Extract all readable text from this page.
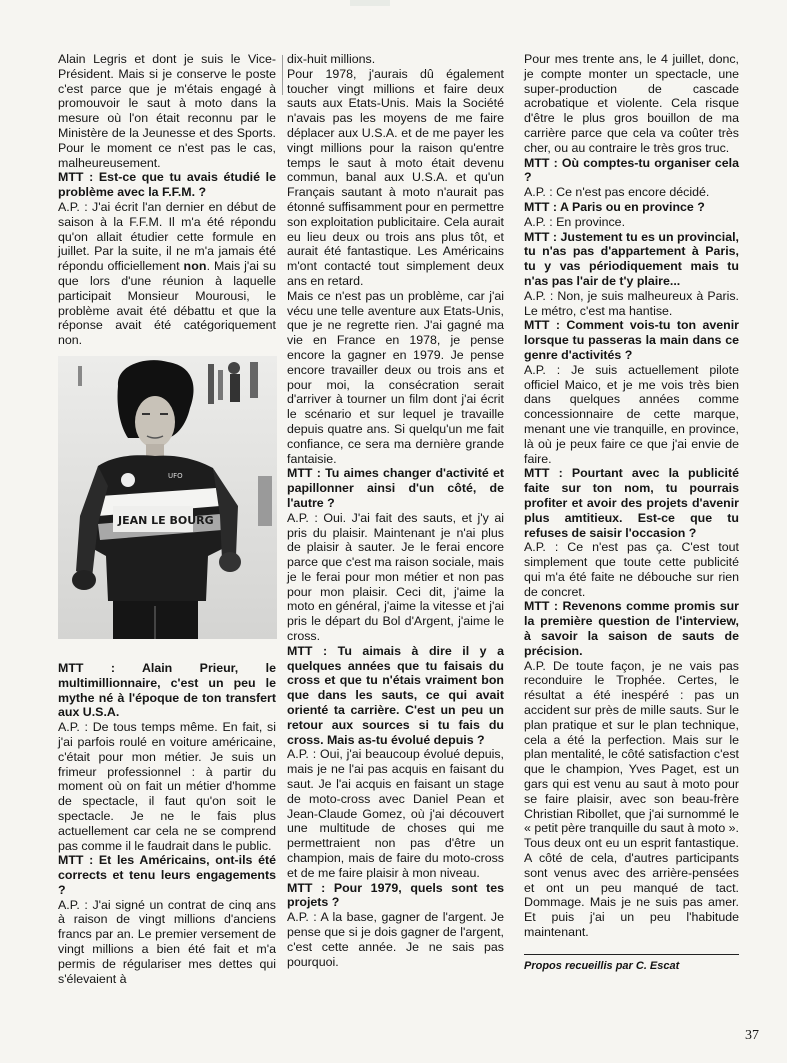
Alain Legris et dont je suis le Vice-Président. Mais si je conserve le poste c'est parce que je m'étais engagé à promouvoir le saut à moto dans la mesure où l'on était reconnu par le Ministère de la Jeunesse et des Sports. Pour le moment ce n'est pas le cas, malheureusement.

MTT : Est-ce que tu avais étudié le problème avec la F.F.M. ?

A.P. : J'ai écrit l'an dernier en début de saison à la F.F.M. Il m'a été répondu qu'on allait étudier cette formule en juillet. Par la suite, il ne m'a jamais été répondu officiellement non. Mais j'ai su que lors d'une réunion à laquelle participait Monsieur Mourousi, le problème avait été débattu et que la réponse avait été catégoriquement non.

JEAN LE BOURG
UFO

MTT : Alain Prieur, le multimillionnaire, c'est un peu le mythe né à l'époque de ton transfert aux U.S.A.

A.P. : De tous temps même. En fait, si j'ai parfois roulé en voiture américaine, c'était pour mon métier. Je suis un frimeur professionnel : à partir du moment où on fait un métier d'homme de spectacle, il faut qu'on soit le spectacle. Je ne le fais plus actuellement car cela ne se comprend pas comme il le faudrait dans le public.

MTT : Et les Américains, ont-ils été corrects et tenu leurs engagements ?

A.P. : J'ai signé un contrat de cinq ans à raison de vingt millions d'anciens francs par an. Le premier versement de vingt millions a bien été fait et m'a permis de régulariser mes dettes qui s'élevaient à

dix-huit millions.

Pour 1978, j'aurais dû également toucher vingt millions et faire deux sauts aux Etats-Unis. Mais la Société n'avais pas les moyens de me faire déplacer aux U.S.A. et de me payer les vingt millions pour la raison qu'entre temps le saut à moto était devenu commun, banal aux U.S.A. et qu'un Français sautant à moto n'aurait pas étonné suffisamment pour en permettre son exploitation publicitaire. Cela aurait eu lieu deux ou trois ans plus tôt, et aurait été fantastique. Les Américains m'ont contacté tout simplement deux ans en retard.

Mais ce n'est pas un problème, car j'ai vécu une telle aventure aux Etats-Unis, que je ne regrette rien. J'ai gagné ma vie en France en 1978, je pense encore la gagner en 1979. Je pense encore travailler deux ou trois ans et pour moi, la consécration serait d'arriver à tourner un film dont j'ai écrit le scénario et sur lequel je travaille depuis quatre ans. Si quelqu'un me fait confiance, ce sera ma dernière grande fantaisie.

MTT : Tu aimes changer d'activité et papillonner ainsi d'un côté, de l'autre ?

A.P. : Oui. J'ai fait des sauts, et j'y ai pris du plaisir. Maintenant je n'ai plus de plaisir à sauter. Je le ferai encore parce que c'est ma raison sociale, mais je le ferai pour mon métier et non pas pour mon plaisir. Ceci dit, j'aime la moto en général, j'aime la vitesse et j'ai pris le départ du Bol d'Argent, j'aime le cross.

MTT : Tu aimais à dire il y a quelques années que tu faisais du cross et que tu n'étais vraiment bon que dans les sauts, ce qui avait orienté ta carrière. C'est un peu un retour aux sources si tu fais du cross. Mais as-tu évolué depuis ?

A.P. : Oui, j'ai beaucoup évolué depuis, mais je ne l'ai pas acquis en faisant du saut. Je l'ai acquis en faisant un stage de moto-cross avec Daniel Pean et Jean-Claude Gomez, où j'ai découvert une multitude de choses qui me permettraient non pas d'être un champion, mais de faire du moto-cross et de me faire plaisir à mon niveau.

MTT : Pour 1979, quels sont tes projets ?

A.P. : A la base, gagner de l'argent. Je pense que si je dois gagner de l'argent, c'est cette année. Je ne sais pas pourquoi.

Pour mes trente ans, le 4 juillet, donc, je compte monter un spectacle, une super-production de cascade acrobatique et violente. Cela risque d'être le plus gros bouillon de ma carrière parce que cela va coûter très cher, ou au contraire le très gros truc.

MTT : Où comptes-tu organiser cela ?

A.P. : Ce n'est pas encore décidé.

MTT : A Paris ou en province ?

A.P. : En province.

MTT : Justement tu es un provincial, tu n'as pas d'appartement à Paris, tu y vas périodiquement mais tu n'as pas l'air de t'y plaire...

A.P. : Non, je suis malheureux à Paris. Le métro, c'est ma hantise.

MTT : Comment vois-tu ton avenir lorsque tu passeras la main dans ce genre d'activités ?

A.P. : Je suis actuellement pilote officiel Maico, et je me vois très bien dans quelques années comme concessionnaire de cette marque, menant une vie tranquille, en province, là où je peux faire ce que j'ai envie de faire.

MTT : Pourtant avec la publicité faite sur ton nom, tu pourrais profiter et avoir des projets d'avenir plus amtitieux. Est-ce que tu refuses de saisir l'occasion ?

A.P. : Ce n'est pas ça. C'est tout simplement que toute cette publicité qui m'a été faite ne débouche sur rien de concret.

MTT : Revenons comme promis sur la première question de l'interview, à savoir la saison de sauts de précision.

A.P. De toute façon, je ne vais pas reconduire le Trophée. Certes, le résultat a été inespéré : pas un accident sur près de mille sauts. Sur le plan pratique et sur le plan technique, cela a été la perfection. Mais sur le plan mentalité, le côté satisfaction c'est que le champion, Yves Paget, est un gars qui est venu au saut à moto pour se faire plaisir, avec son beau-frère Christian Ribollet, que j'ai surnommé le « petit père tranquille du saut à moto ». Tous deux ont eu un esprit fantastique. A côté de cela, d'autres participants sont venus avec des arrière-pensées et ont un peu manqué de tact. Dommage. Mais je ne suis pas amer. Et puis j'ai un peu l'habitude maintenant.

Propos recueillis par C. Escat
37
